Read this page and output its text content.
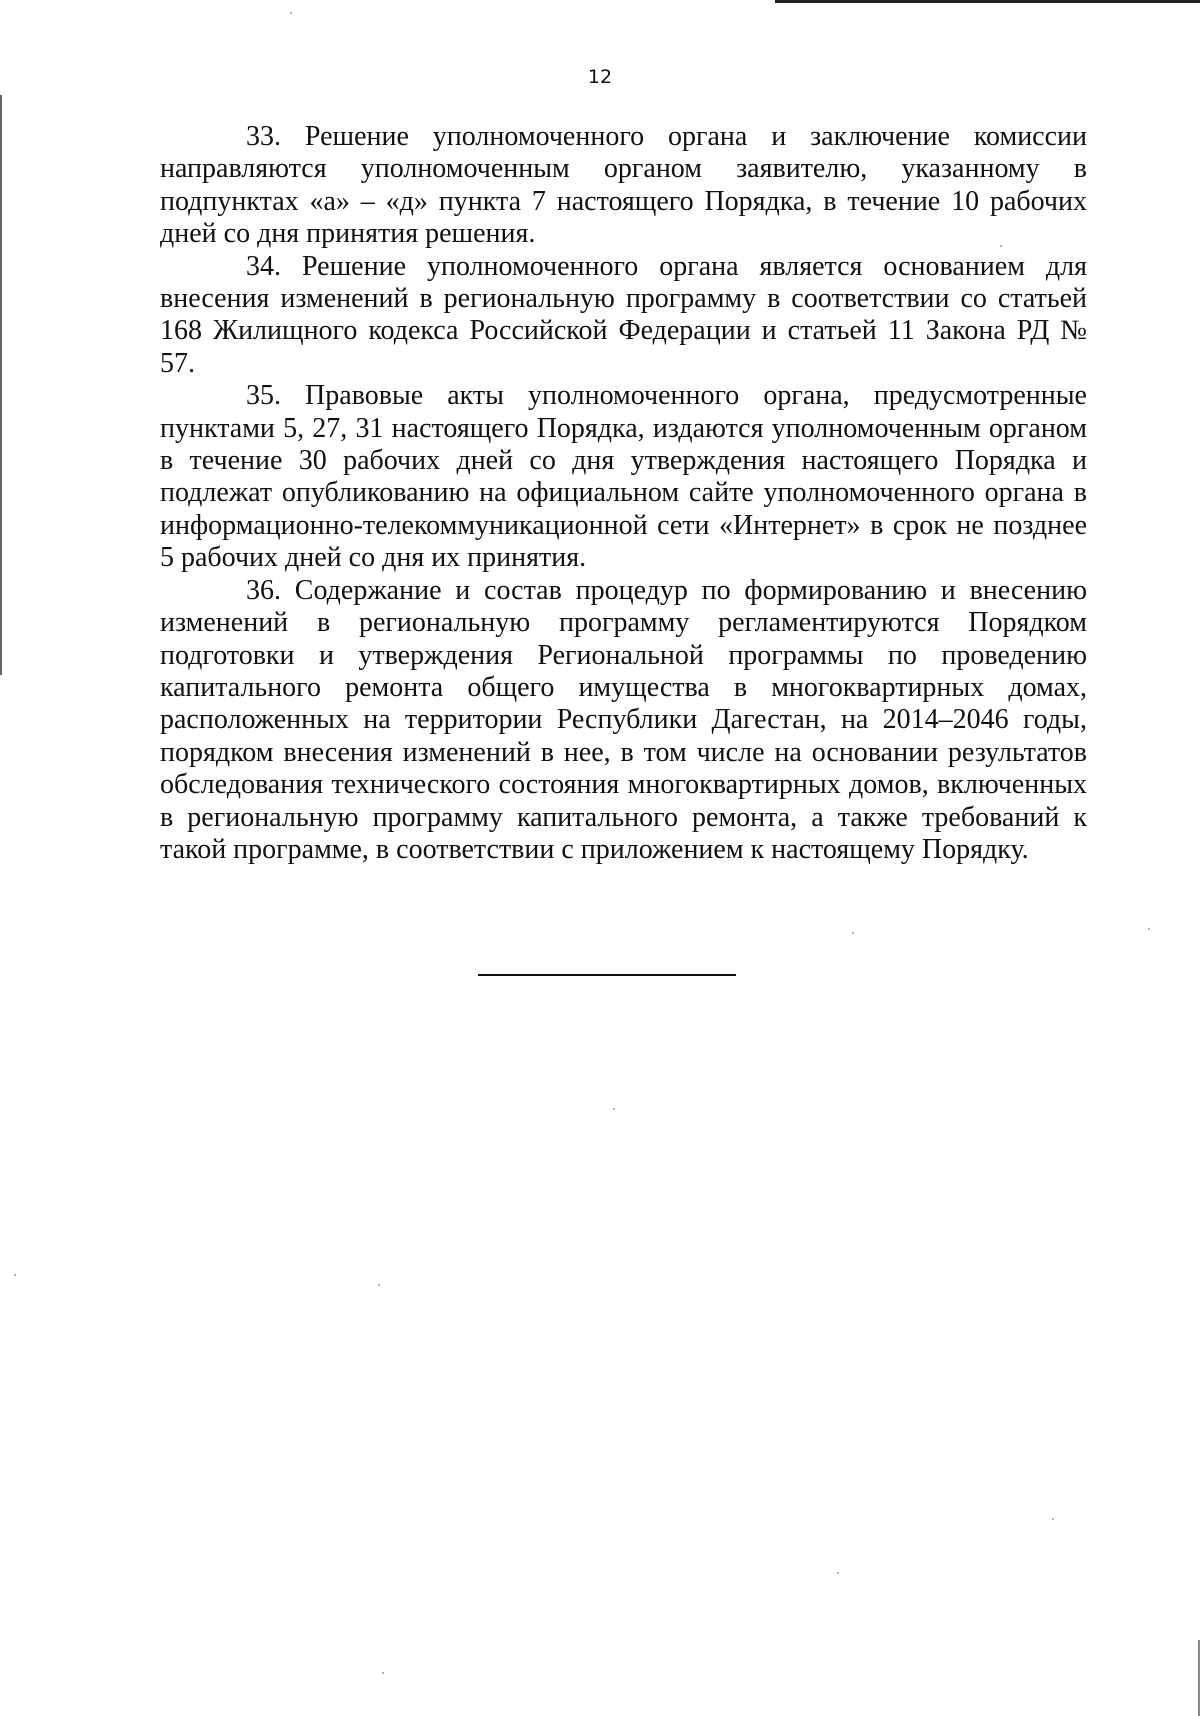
12

33. Решение уполномоченного органа и заключение комиссии направляются уполномоченным органом заявителю, указанному в подпунктах «а» – «д» пункта 7 настоящего Порядка, в течение 10 рабочих дней со дня принятия решения.

34. Решение уполномоченного органа является основанием для внесения изменений в региональную программу в соответствии со статьей 168 Жилищного кодекса Российской Федерации и статьей 11 Закона РД № 57.

35. Правовые акты уполномоченного органа, предусмотренные пунктами 5, 27, 31 настоящего Порядка, издаются уполномоченным органом в течение 30 рабочих дней со дня утверждения настоящего Порядка и подлежат опубликованию на официальном сайте уполномоченного органа в информационно-телекоммуникационной сети «Интернет» в срок не позднее 5 рабочих дней со дня их принятия.

36. Содержание и состав процедур по формированию и внесению изменений в региональную программу регламентируются Порядком подготовки и утверждения Региональной программы по проведению капитального ремонта общего имущества в многоквартирных домах, расположенных на территории Республики Дагестан, на 2014–2046 годы, порядком внесения изменений в нее, в том числе на основании результатов обследования технического состояния многоквартирных домов, включенных в региональную программу капитального ремонта, а также требований к такой программе, в соответствии с приложением к настоящему Порядку.
